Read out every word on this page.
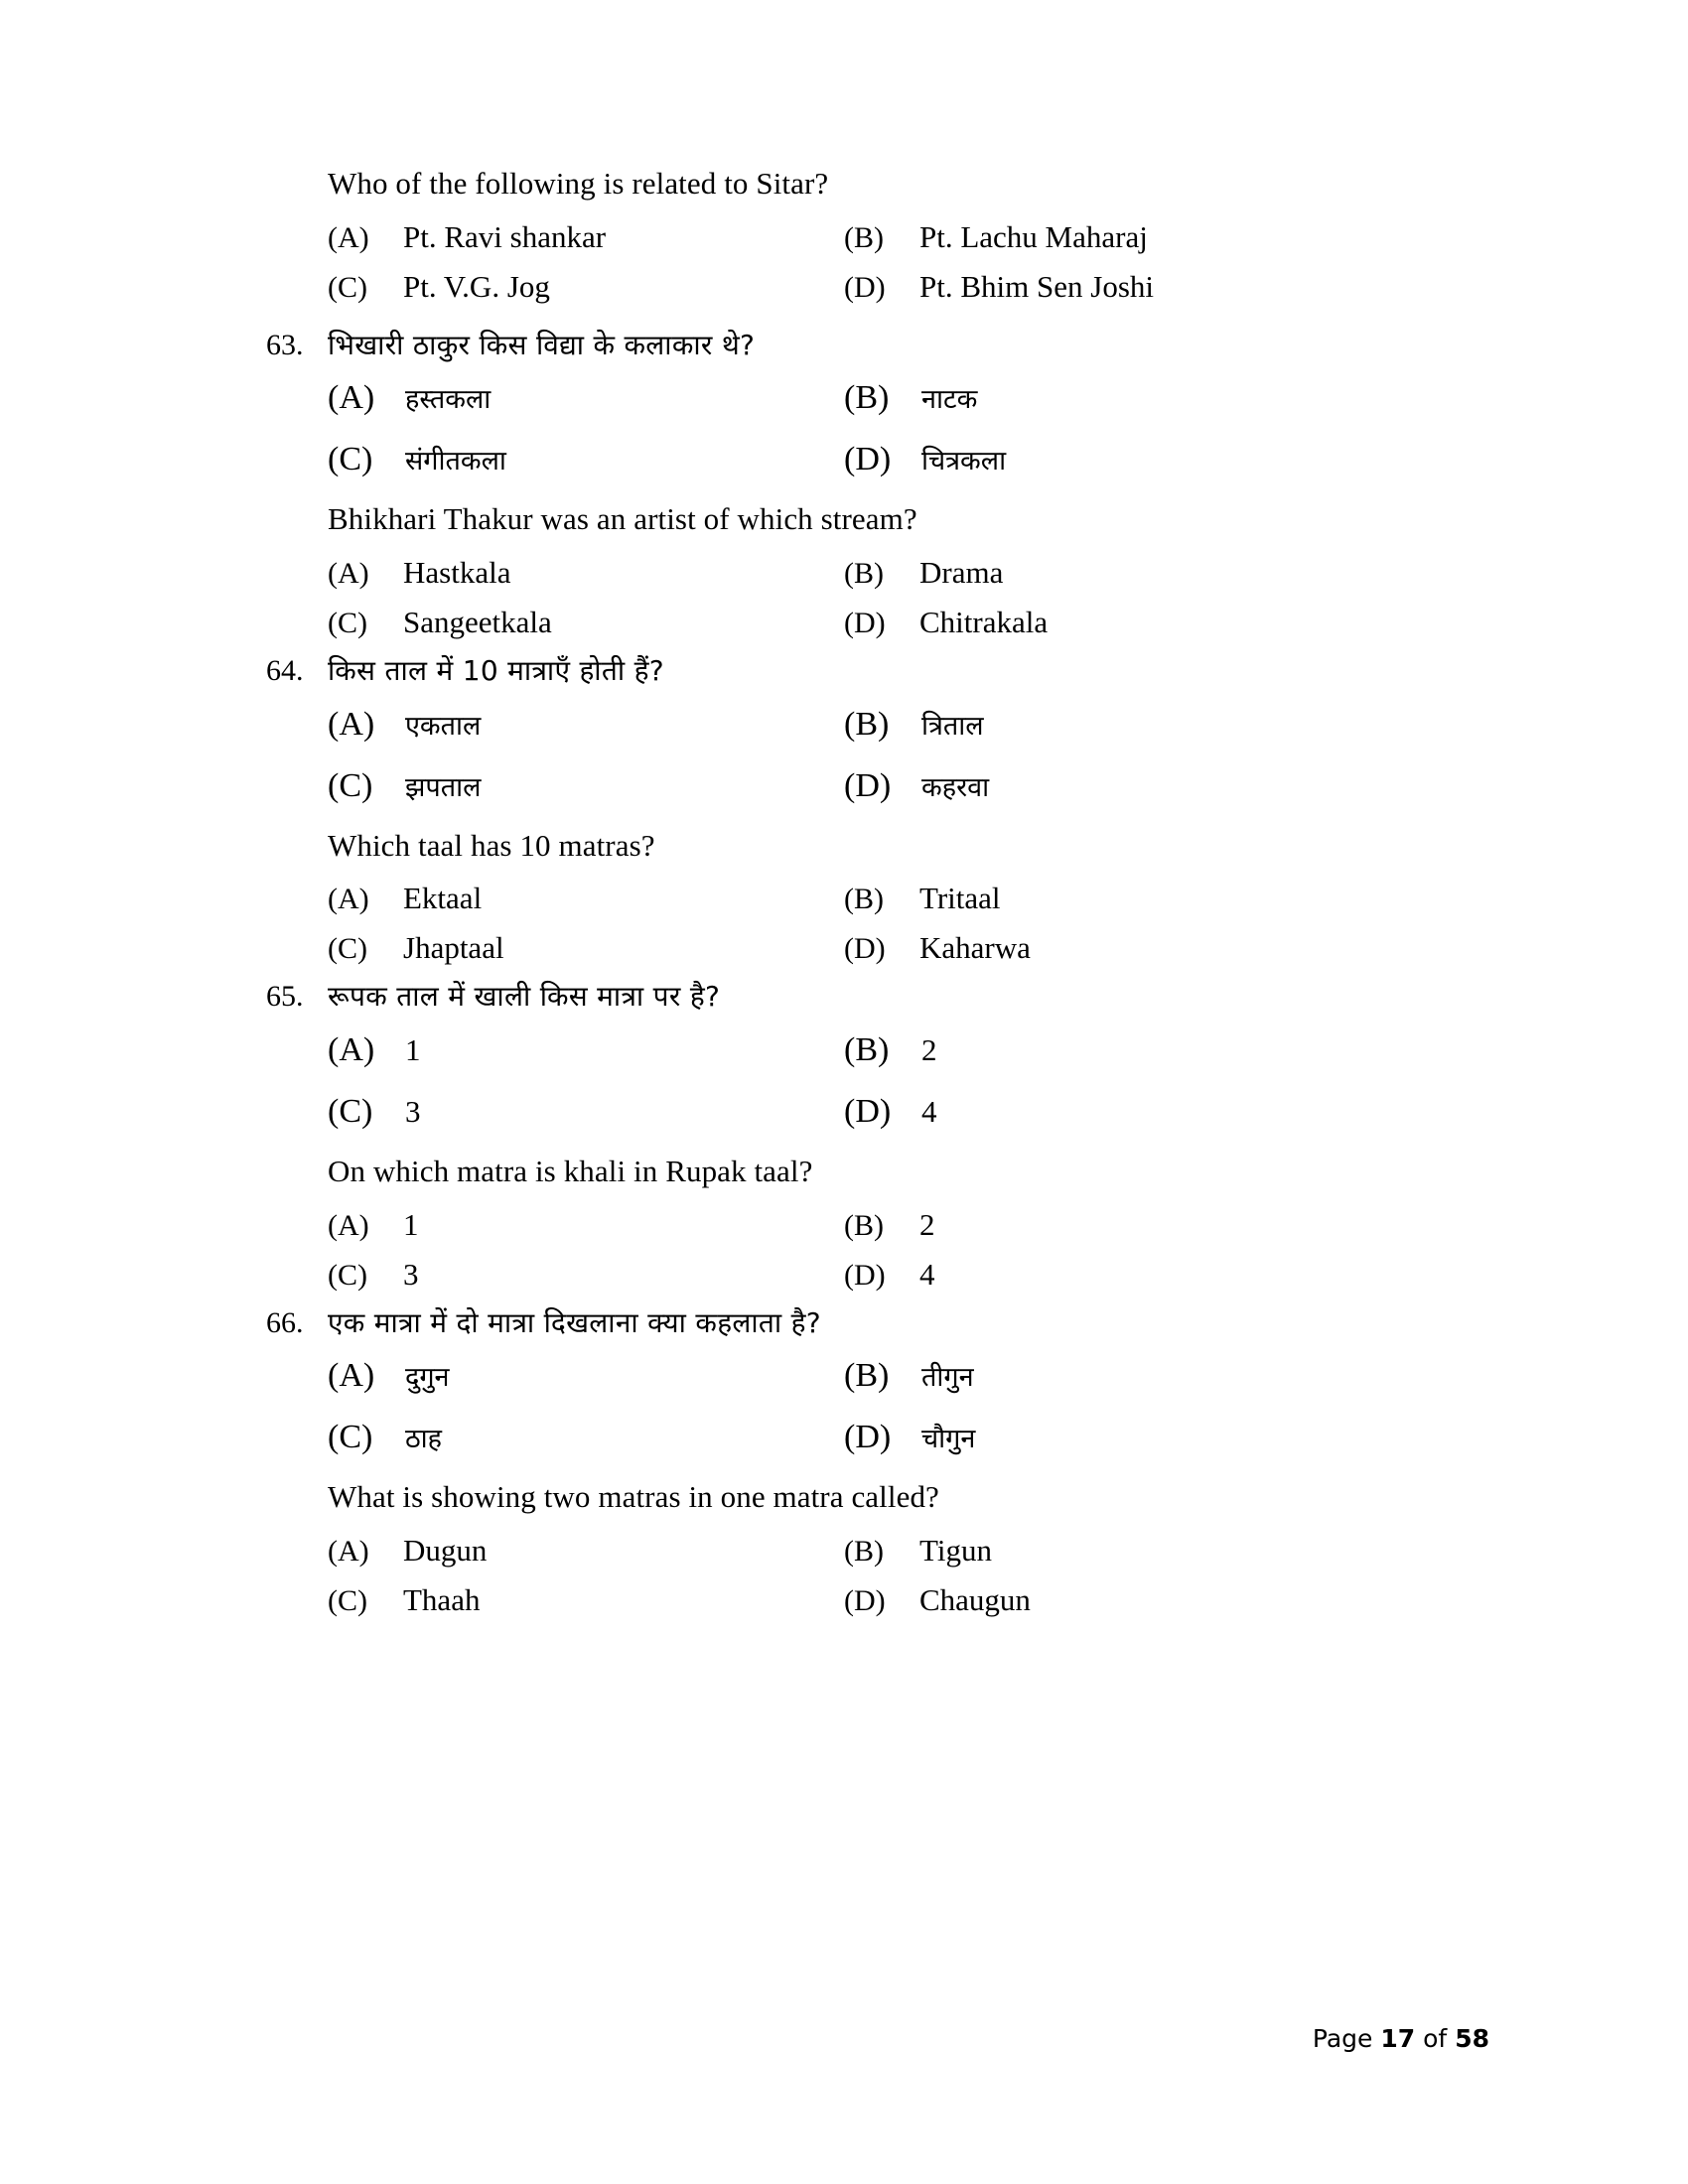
Who of the following is related to Sitar?
(A)	Pt. Ravi shankar	(B)	Pt. Lachu Maharaj
(C)	Pt. V.G. Jog	(D)	Pt. Bhim Sen Joshi
63. भिखारी ठाकुर किस विद्या के कलाकार थे?
(A)	हस्तकला	(B)	नाटक
(C)	संगीतकला	(D)	चित्रकला
Bhikhari Thakur was an artist of which stream?
(A)	Hastkala	(B)	Drama
(C)	Sangeetkala	(D)	Chitrakala
64. किस ताल में 10 मात्राएँ होती हैं?
(A)	एकताल	(B)	त्रिताल
(C)	झपताल	(D)	कहरवा
Which taal has 10 matras?
(A)	Ektaal	(B)	Tritaal
(C)	Jhaptaal	(D)	Kaharwa
65. रूपक ताल में खाली किस मात्रा पर है?
(A) 1	(B)	2
(C)	3	(D) 4
On which matra is khali in Rupak taal?
(A)	1	(B)	2
(C)	3	(D)	4
66. एक मात्रा में दो मात्रा दिखलाना क्या कहलाता है?
(A)	दुगुन	(B)	तीगुन
(C)	ठाह	(D)	चौगुन
What is showing two matras in one matra called?
(A)	Dugun	(B)	Tigun
(C)	Thaah	(D)	Chaugun
Page 17 of 58
